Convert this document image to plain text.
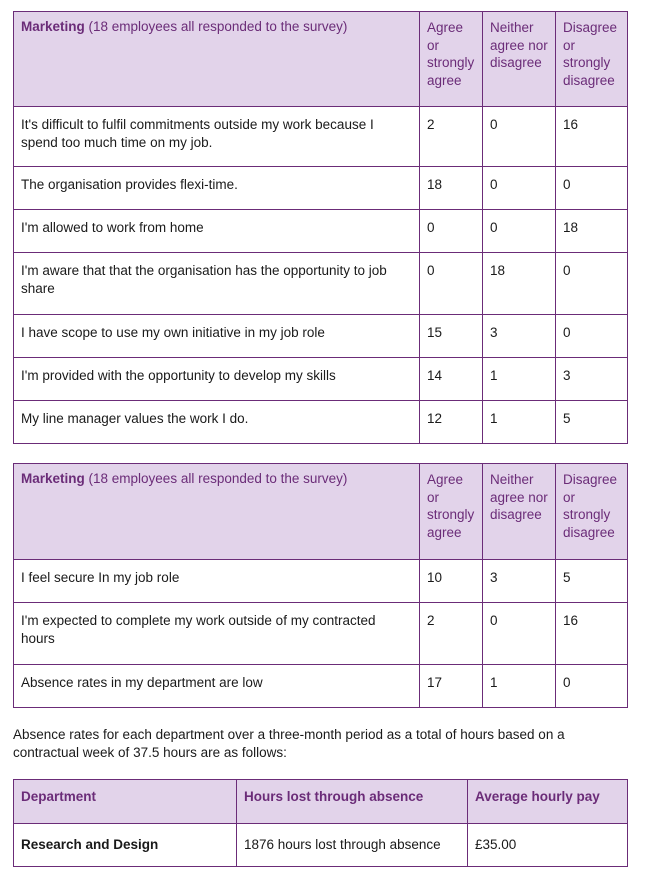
Marketing (18 employees all responded to the survey)	Agree or strongly agree	Neither agree nor disagree	Disagree or strongly disagree
It's difficult to fulfil commitments outside my work because I spend too much time on my job.	2	0	16
The organisation provides flexi-time.	18	0	0
I'm allowed to work from home	0	0	18
I'm aware that that the organisation has the opportunity to job share	0	18	0
I have scope to use my own initiative in my job role	15	3	0
I'm provided with the opportunity to develop my skills	14	1	3
My line manager values the work I do.	12	1	5
Marketing (18 employees all responded to the survey)	Agree or strongly agree	Neither agree nor disagree	Disagree or strongly disagree
I feel secure In my job role	10	3	5
I'm expected to complete my work outside of my contracted hours	2	0	16
Absence rates in my department are low	17	1	0

Absence rates for each department over a three-month period as a total of hours based on a contractual week of 37.5 hours are as follows:

Department	Hours lost through absence	Average hourly pay
Research and Design	1876 hours lost through absence	£35.00
